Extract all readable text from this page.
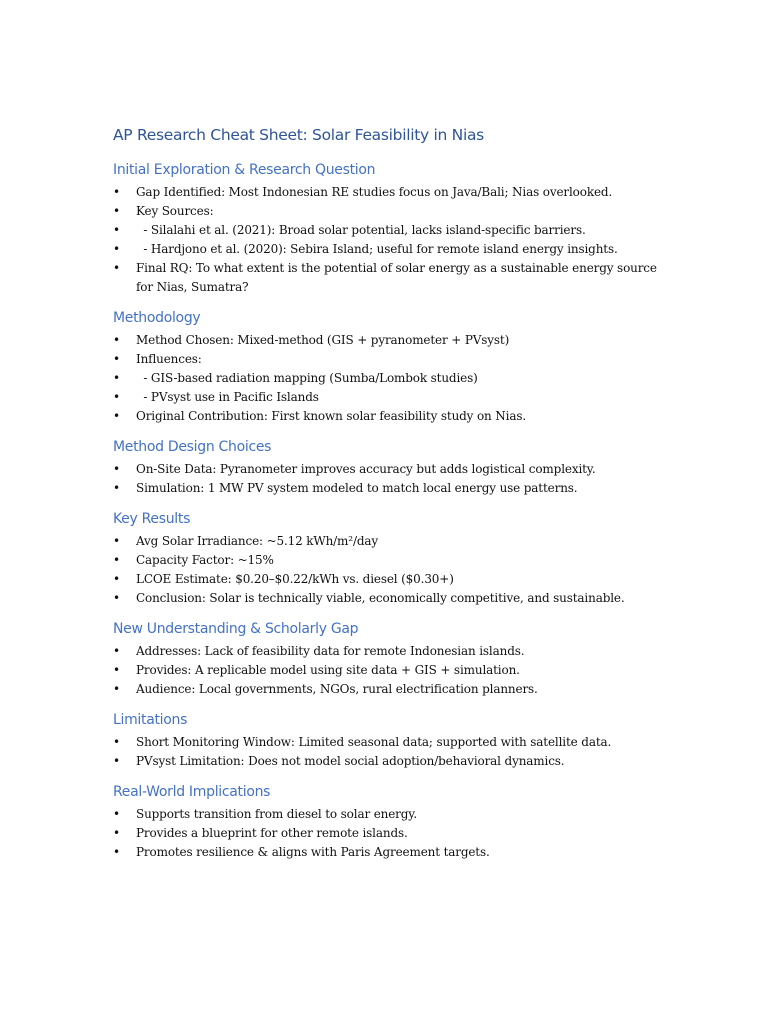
AP Research Cheat Sheet: Solar Feasibility in Nias
Initial Exploration & Research Question
• Gap Identified: Most Indonesian RE studies focus on Java/Bali; Nias overlooked.
• Key Sources:
• - Silalahi et al. (2021): Broad solar potential, lacks island-specific barriers.
• - Hardjono et al. (2020): Sebira Island; useful for remote island energy insights.
• Final RQ: To what extent is the potential of solar energy as a sustainable energy source for Nias, Sumatra?
Methodology
• Method Chosen: Mixed-method (GIS + pyranometer + PVsyst)
• Influences:
• - GIS-based radiation mapping (Sumba/Lombok studies)
• - PVsyst use in Pacific Islands
• Original Contribution: First known solar feasibility study on Nias.
Method Design Choices
• On-Site Data: Pyranometer improves accuracy but adds logistical complexity.
• Simulation: 1 MW PV system modeled to match local energy use patterns.
Key Results
• Avg Solar Irradiance: ~5.12 kWh/m²/day
• Capacity Factor: ~15%
• LCOE Estimate: $0.20–$0.22/kWh vs. diesel ($0.30+)
• Conclusion: Solar is technically viable, economically competitive, and sustainable.
New Understanding & Scholarly Gap
• Addresses: Lack of feasibility data for remote Indonesian islands.
• Provides: A replicable model using site data + GIS + simulation.
• Audience: Local governments, NGOs, rural electrification planners.
Limitations
• Short Monitoring Window: Limited seasonal data; supported with satellite data.
• PVsyst Limitation: Does not model social adoption/behavioral dynamics.
Real-World Implications
• Supports transition from diesel to solar energy.
• Provides a blueprint for other remote islands.
• Promotes resilience & aligns with Paris Agreement targets.
